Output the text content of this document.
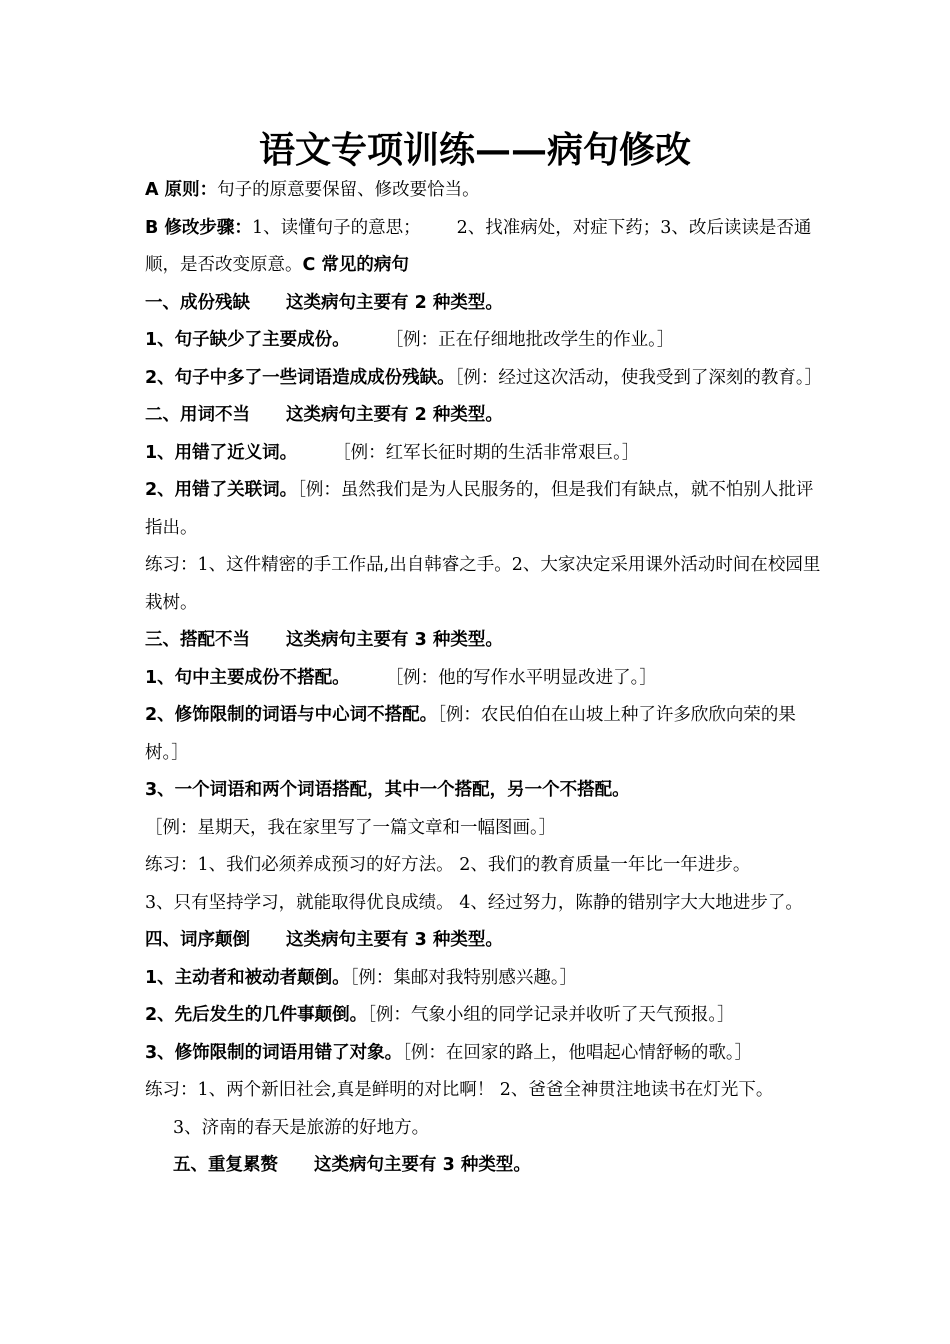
语文专项训练——病句修改

A 原则：句子的原意要保留、修改要恰当。

B 修改步骤：1、读懂句子的意思； 2、找准病处，对症下药；3、改后读读是否通顺，是否改变原意。C 常见的病句

一、成份残缺 这类病句主要有 2 种类型。

1、句子缺少了主要成份。 ［例：正在仔细地批改学生的作业。］

2、句子中多了一些词语造成成份残缺。［例：经过这次活动，使我受到了深刻的教育。］

二、用词不当 这类病句主要有 2 种类型。

1、用错了近义词。 ［例：红军长征时期的生活非常艰巨。］

2、用错了关联词。［例：虽然我们是为人民服务的，但是我们有缺点，就不怕别人批评指出。

练习：1、这件精密的手工作品,出自韩睿之手。2、大家决定采用课外活动时间在校园里栽树。

三、搭配不当 这类病句主要有 3 种类型。

1、句中主要成份不搭配。 ［例：他的写作水平明显改进了。］

2、修饰限制的词语与中心词不搭配。［例：农民伯伯在山坡上种了许多欣欣向荣的果树。］

3、一个词语和两个词语搭配，其中一个搭配，另一个不搭配。

［例：星期天，我在家里写了一篇文章和一幅图画。］

练习：1、我们必须养成预习的好方法。 2、我们的教育质量一年比一年进步。

3、只有坚持学习，就能取得优良成绩。 4、经过努力，陈静的错别字大大地进步了。

四、词序颠倒 这类病句主要有 3 种类型。

1、主动者和被动者颠倒。［例：集邮对我特别感兴趣。］

2、先后发生的几件事颠倒。［例：气象小组的同学记录并收听了天气预报。］

3、修饰限制的词语用错了对象。［例：在回家的路上，他唱起心情舒畅的歌。］

练习：1、两个新旧社会,真是鲜明的对比啊！ 2、爸爸全神贯注地读书在灯光下。

3、济南的春天是旅游的好地方。

五、重复累赘 这类病句主要有 3 种类型。
